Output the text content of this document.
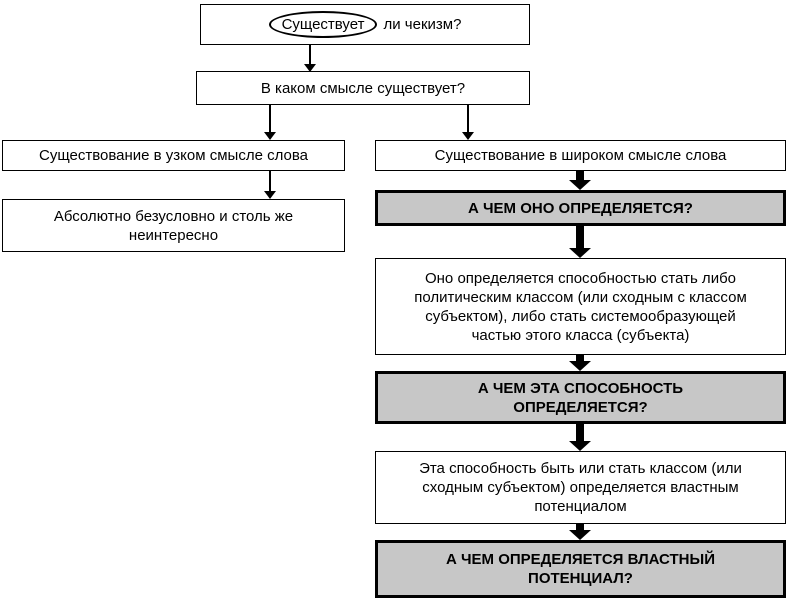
Существует ли чекизм?
В каком смысле существует?
Существование в узком смысле слова
Абсолютно безусловно и столь же
неинтересно
Существование в широком смысле слова
А ЧЕМ ОНО ОПРЕДЕЛЯЕТСЯ?
Оно определяется способностью стать либо
политическим классом (или сходным с классом
субъектом), либо стать системообразующей
частью этого класса (субъекта)
А ЧЕМ ЭТА СПОСОБНОСТЬ
ОПРЕДЕЛЯЕТСЯ?
Эта способность быть или стать классом (или
сходным субъектом) определяется властным
потенциалом
А ЧЕМ ОПРЕДЕЛЯЕТСЯ ВЛАСТНЫЙ
ПОТЕНЦИАЛ?
